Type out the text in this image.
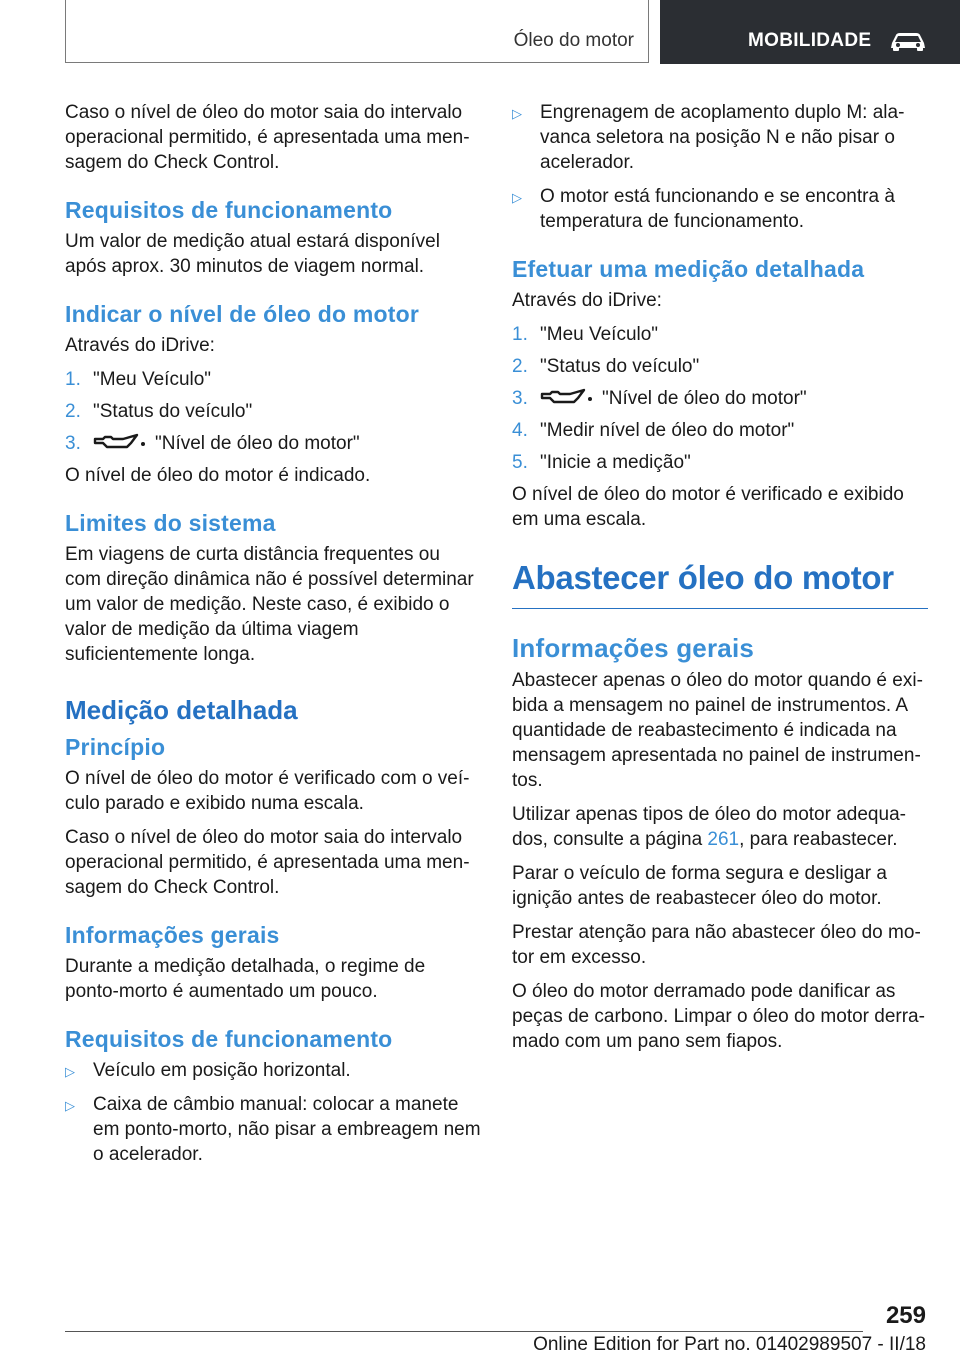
Óleo do motor	MOBILIDADE

Caso o nível de óleo do motor saia do intervalo operacional permitido, é apresentada uma mensagem do Check Control.

Requisitos de funcionamento

Um valor de medição atual estará disponível após aprox. 30 minutos de viagem normal.

Indicar o nível de óleo do motor

Através do iDrive:

1. "Meu Veículo"
2. "Status do veículo"
3.	"Nível de óleo do motor"

O nível de óleo do motor é indicado.

Limites do sistema

Em viagens de curta distância frequentes ou com direção dinâmica não é possível determinar um valor de medição. Neste caso, é exibido o valor de medição da última viagem suficientemente longa.

Medição detalhada
Princípio

O nível de óleo do motor é verificado com o veículo parado e exibido numa escala.

Caso o nível de óleo do motor saia do intervalo operacional permitido, é apresentada uma mensagem do Check Control.

Informações gerais

Durante a medição detalhada, o regime de ponto-morto é aumentado um pouco.

Requisitos de funcionamento
▷ Veículo em posição horizontal.
▷ Caixa de câmbio manual: colocar a manete em ponto-morto, não pisar a embreagem nem o acelerador.
▷ Engrenagem de acoplamento duplo M: alavanca seletora na posição N e não pisar o acelerador.
▷ O motor está funcionando e se encontra à temperatura de funcionamento.
Efetuar uma medição detalhada

Através do iDrive:

1. "Meu Veículo"
2. "Status do veículo"
3.	"Nível de óleo do motor"
4. "Medir nível de óleo do motor"
5. "Inicie a medição"

O nível de óleo do motor é verificado e exibido em uma escala.

Abastecer óleo do motor
Informações gerais

Abastecer apenas o óleo do motor quando é exibida a mensagem no painel de instrumentos. A quantidade de reabastecimento é indicada na mensagem apresentada no painel de instrumentos.

Utilizar apenas tipos de óleo do motor adequados, consulte a página 261, para reabastecer.

Parar o veículo de forma segura e desligar a ignição antes de reabastecer óleo do motor.

Prestar atenção para não abastecer óleo do motor em excesso.

O óleo do motor derramado pode danificar as peças de carbono. Limpar o óleo do motor derramado com um pano sem fiapos.

259
Online Edition for Part no. 01402989507 - II/18
